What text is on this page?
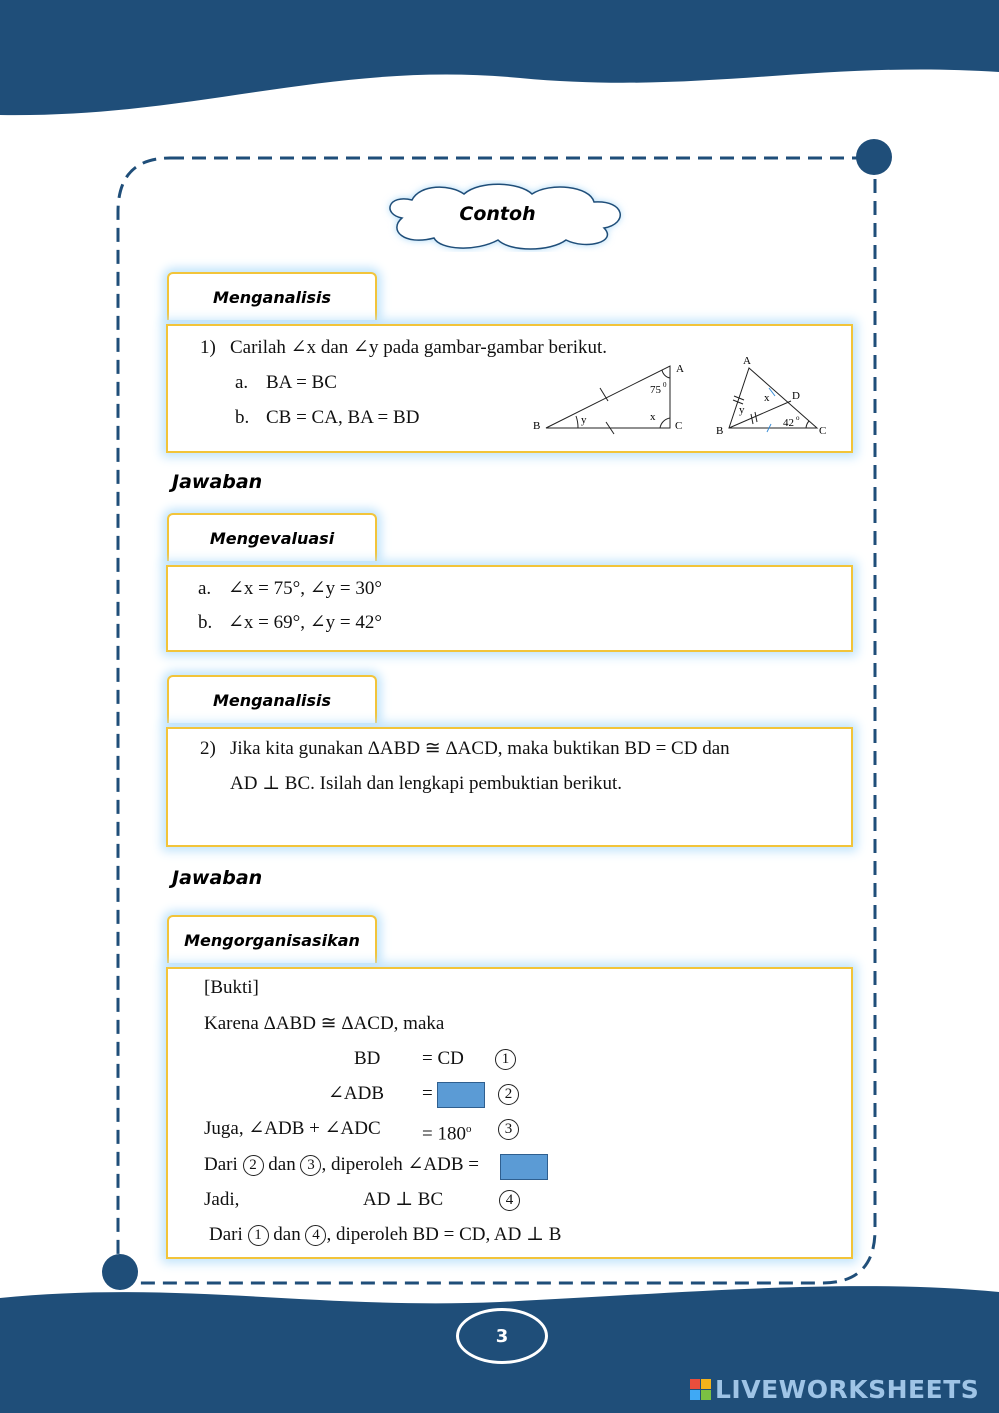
Contoh
Menganalisis
1) Carilah ∠x dan ∠y pada gambar-gambar berikut.
a. BA = BC
b. CB = CA, BA = BD	B	C
A
75 0
x
y
A
B	C
D
x
y
42 o
Jawaban
Mengevaluasi
a. ∠x = 75°, ∠y = 30°
b. ∠x = 69°, ∠y = 42°
Menganalisis
2) Jika kita gunakan ΔABD ≅ ΔACD, maka buktikan BD = CD dan
AD ⊥ BC. Isilah dan lengkapi pembuktian berikut.
Jawaban
Mengorganisasikan
[Bukti]
Karena ΔABD ≅ ΔACD, maka
BD = CD	1
∠ADB =	2
Juga, ∠ADB + ∠ADC = $180^o$	3
Dari 2 dan 3 , diperoleh ∠ADB =
Jadi,	AD ⊥ BC	4
Dari 1 dan 4 , diperoleh BD = CD, AD ⊥ B
3
LIVEWORKSHEETS
